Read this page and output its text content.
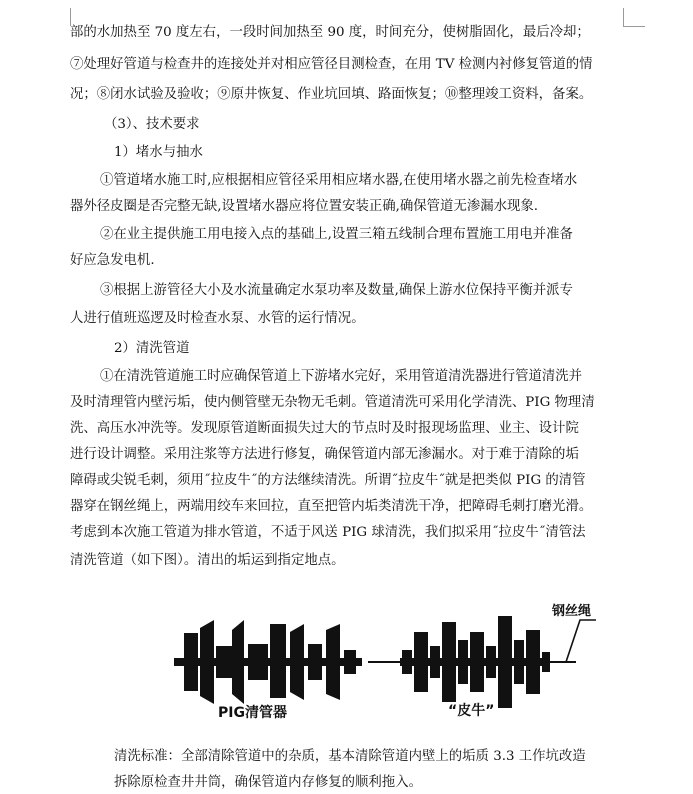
部的水加热至 70 度左右，一段时间加热至 90 度，时间充分，使树脂固化，最后冷却；
⑦处理好管道与检查井的连接处并对相应管径目测检查，在用 TV 检测内衬修复管道的情
况；⑧闭水试验及验收；⑨原井恢复、作业坑回填、路面恢复；⑩整理竣工资料，备案。
（3）、技术要求
1）堵水与抽水
①管道堵水施工时,应根据相应管径采用相应堵水器,在使用堵水器之前先检查堵水
器外径皮圈是否完整无缺,设置堵水器应将位置安装正确,确保管道无渗漏水现象.
②在业主提供施工用电接入点的基础上,设置三箱五线制合理布置施工用电并准备
好应急发电机.
③根据上游管径大小及水流量确定水泵功率及数量,确保上游水位保持平衡并派专
人进行值班巡逻及时检查水泵、水管的运行情况。
2）清洗管道
①在清洗管道施工时应确保管道上下游堵水完好，采用管道清洗器进行管道清洗并
及时清理管内壁污垢，使内侧管壁无杂物无毛刺。管道清洗可采用化学清洗、PIG 物理清
洗、高压水冲洗等。发现原管道断面损失过大的节点时及时报现场监理、业主、设计院
进行设计调整。采用注浆等方法进行修复，确保管道内部无渗漏水。对于难于清除的垢
障碍或尖锐毛刺，须用˝拉皮牛˝的方法继续清洗。所谓˝拉皮牛˝就是把类似 PIG 的清管
器穿在钢丝绳上，两端用绞车来回拉，直至把管内垢类清洗干净，把障碍毛刺打磨光滑。
考虑到本次施工管道为排水管道，不适于风送 PIG 球清洗，我们拟采用˝拉皮牛˝清管法
清洗管道（如下图）。清出的垢运到指定地点。
清洗标准：全部清除管道中的杂质，基本清除管道内壁上的垢质 3.3 工作坑改造
拆除原检查井井筒，确保管道内存修复的顺利拖入。
钢丝绳
PIG清管器	“皮牛”
